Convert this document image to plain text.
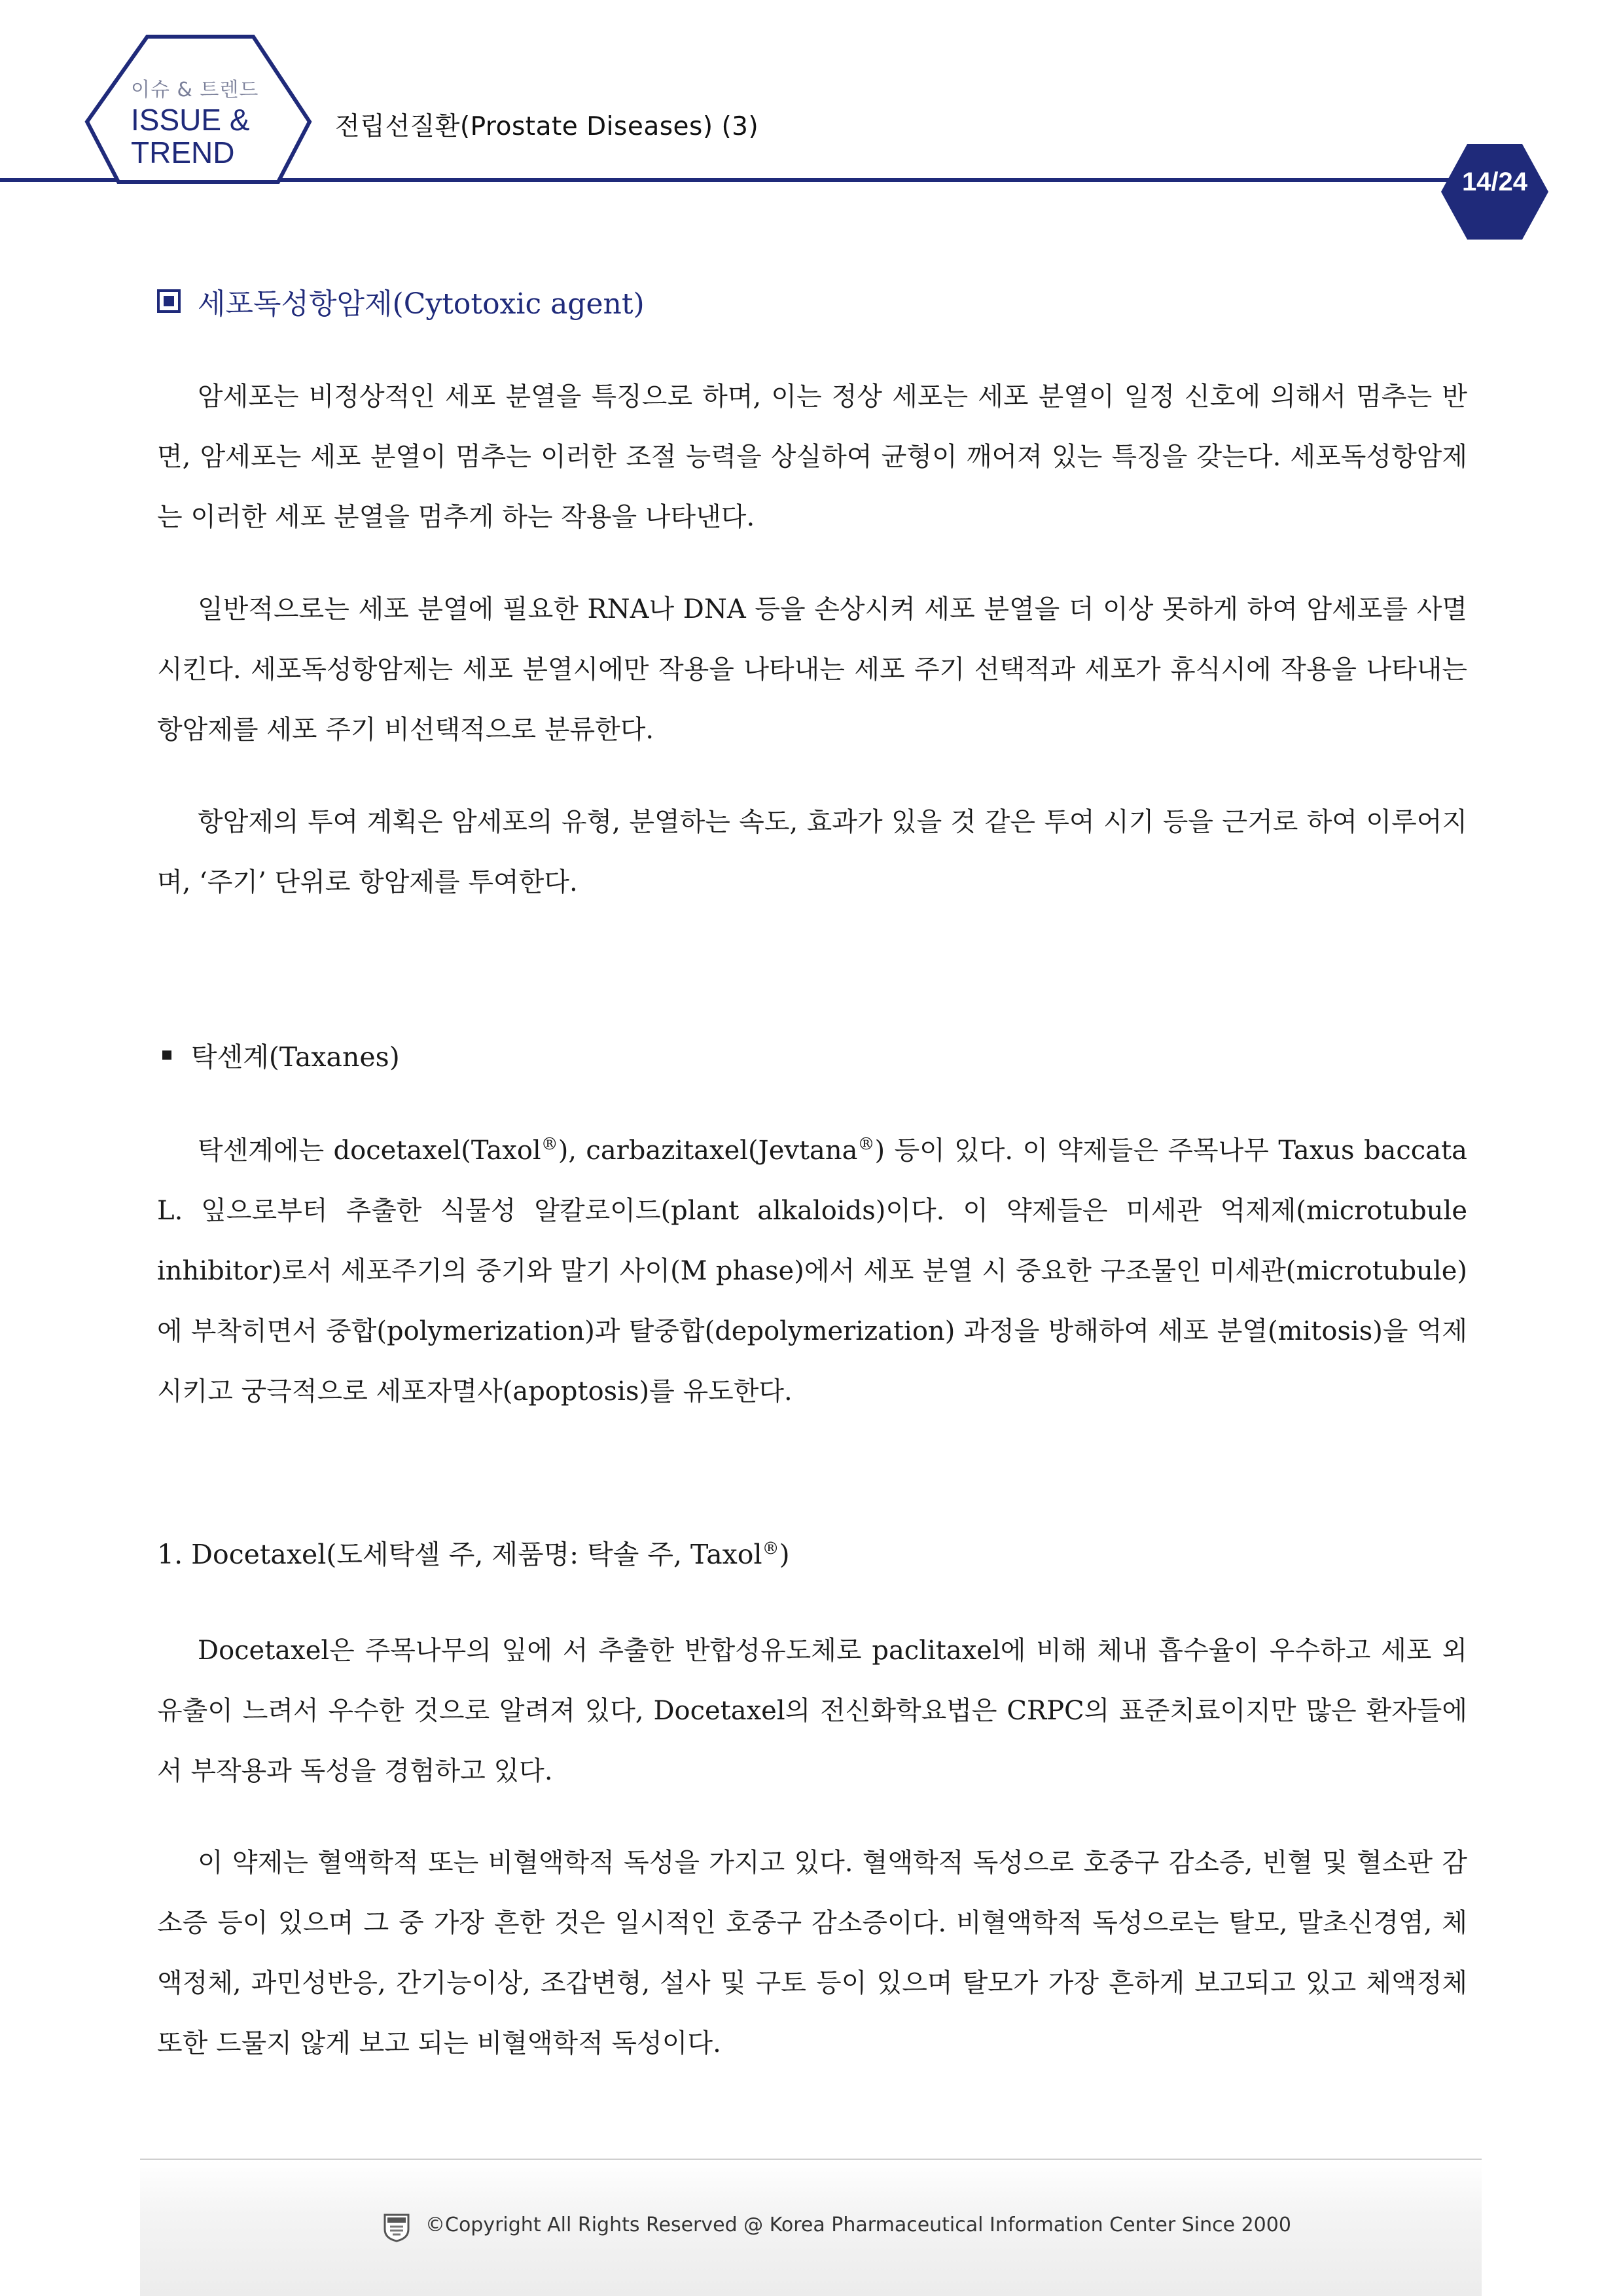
이슈 & 트렌드
ISSUE &
TREND
전립선질환(Prostate Diseases) (3)
14/24
세포독성항암제(Cytotoxic agent)

암세포는 비정상적인 세포 분열을 특징으로 하며, 이는 정상 세포는 세포 분열이 일정 신호에 의해서 멈추는 반면, 암세포는 세포 분열이 멈추는 이러한 조절 능력을 상실하여 균형이 깨어져 있는 특징을 갖는다. 세포독성항암제는 이러한 세포 분열을 멈추게 하는 작용을 나타낸다.

일반적으로는 세포 분열에 필요한 RNA나 DNA 등을 손상시켜 세포 분열을 더 이상 못하게 하여 암세포를 사멸시킨다. 세포독성항암제는 세포 분열시에만 작용을 나타내는 세포 주기 선택적과 세포가 휴식시에 작용을 나타내는 항암제를 세포 주기 비선택적으로 분류한다.

항암제의 투여 계획은 암세포의 유형, 분열하는 속도, 효과가 있을 것 같은 투여 시기 등을 근거로 하여 이루어지며, ‘주기’ 단위로 항암제를 투여한다.

탁센계(Taxanes)

탁센계에는 docetaxel(Taxol®), carbazitaxel(Jevtana®) 등이 있다. 이 약제들은 주목나무 Taxus baccata L. 잎으로부터 추출한 식물성 알칼로이드(plant alkaloids)이다. 이 약제들은 미세관 억제제(microtubule inhibitor)로서 세포주기의 중기와 말기 사이(M phase)에서 세포 분열 시 중요한 구조물인 미세관(microtubule)에 부착히면서 중합(polymerization)과 탈중합(depolymerization) 과정을 방해하여 세포 분열(mitosis)을 억제시키고 궁극적으로 세포자멸사(apoptosis)를 유도한다.

1. Docetaxel(도세탁셀 주, 제품명: 탁솔 주, Taxol®)

Docetaxel은 주목나무의 잎에 서 추출한 반합성유도체로 paclitaxel에 비해 체내 흡수율이 우수하고 세포 외 유출이 느려서 우수한 것으로 알려져 있다, Docetaxel의 전신화학요법은 CRPC의 표준치료이지만 많은 환자들에서 부작용과 독성을 경험하고 있다.

이 약제는 혈액학적 또는 비혈액학적 독성을 가지고 있다. 혈액학적 독성으로 호중구 감소증, 빈혈 및 혈소판 감소증 등이 있으며 그 중 가장 흔한 것은 일시적인 호중구 감소증이다. 비혈액학적 독성으로는 탈모, 말초신경염, 체액정체, 과민성반응, 간기능이상, 조갑변형, 설사 및 구토 등이 있으며 탈모가 가장 흔하게 보고되고 있고 체액정체 또한 드물지 않게 보고 되는 비혈액학적 독성이다.

©Copyright All Rights Reserved @ Korea Pharmaceutical Information Center Since 2000
